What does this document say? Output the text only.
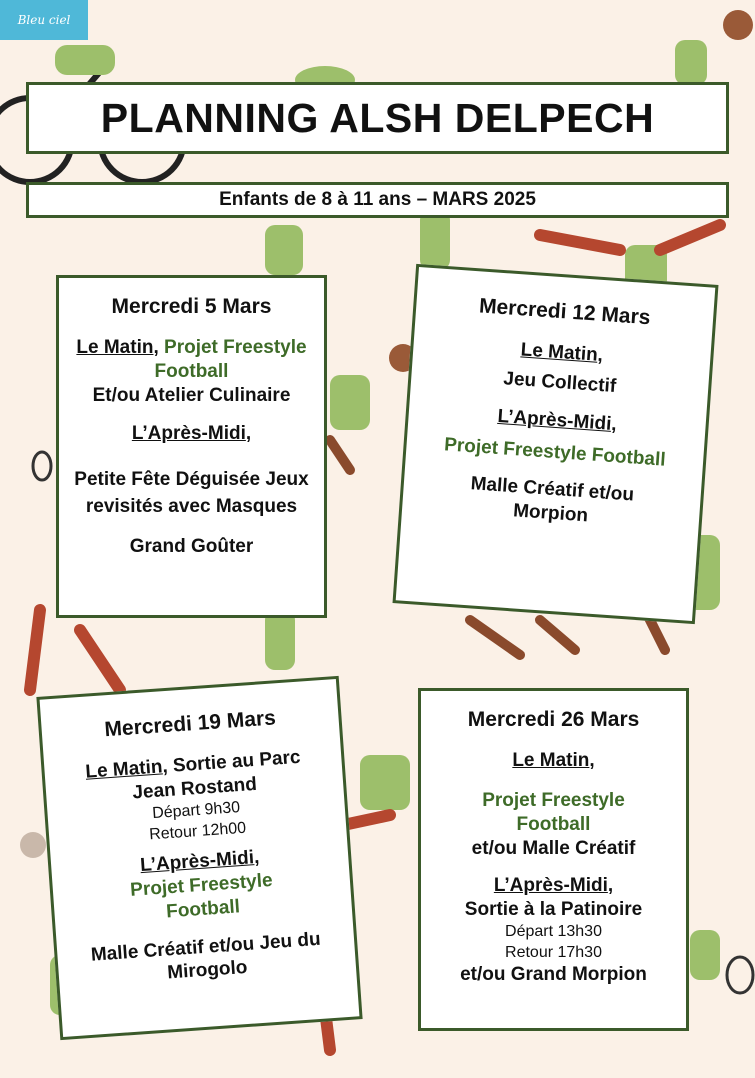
Bleu ciel
PLANNING ALSH DELPECH
Enfants de 8 à 11 ans – MARS 2025
Mercredi 5 Mars
Le Matin, Projet Freestyle Football
Et/ou Atelier Culinaire
L’Après-Midi,
Petite Fête Déguisée Jeux revisités avec Masques
Grand Goûter
Mercredi 12 Mars
Le Matin,
Jeu Collectif
L’Après-Midi,
Projet Freestyle Football
Malle Créatif et/ou Morpion
Mercredi 19 Mars
Le Matin, Sortie au Parc Jean Rostand
Départ 9h30
Retour 12h00
L’Après-Midi,
Projet Freestyle Football
Malle Créatif et/ou Jeu du Mirogolo
Mercredi 26 Mars
Le Matin,
Projet Freestyle Football
et/ou Malle Créatif
L’Après-Midi,
Sortie à la Patinoire
Départ 13h30
Retour 17h30
et/ou Grand Morpion
